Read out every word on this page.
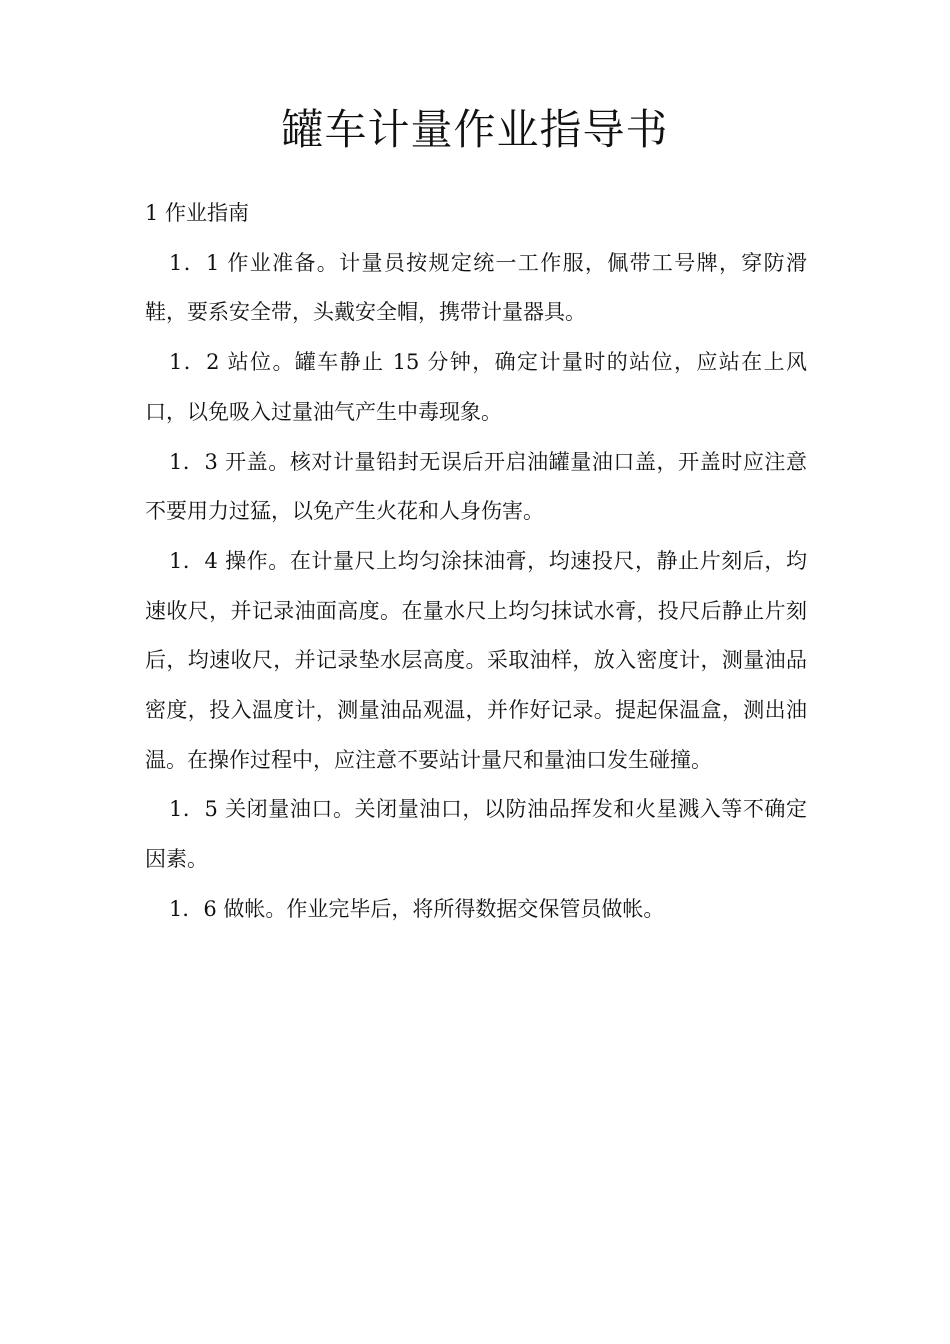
罐车计量作业指导书

1 作业指南

1．1 作业准备。计量员按规定统一工作服，佩带工号牌，穿防滑鞋，要系安全带，头戴安全帽，携带计量器具。

1．2 站位。罐车静止 15 分钟，确定计量时的站位，应站在上风口，以免吸入过量油气产生中毒现象。

1．3 开盖。核对计量铅封无误后开启油罐量油口盖，开盖时应注意不要用力过猛，以免产生火花和人身伤害。

1．4 操作。在计量尺上均匀涂抹油膏，均速投尺，静止片刻后，均速收尺，并记录油面高度。在量水尺上均匀抹试水膏，投尺后静止片刻后，均速收尺，并记录垫水层高度。采取油样，放入密度计，测量油品密度，投入温度计，测量油品观温，并作好记录。提起保温盒，测出油温。在操作过程中，应注意不要站计量尺和量油口发生碰撞。

1．5 关闭量油口。关闭量油口，以防油品挥发和火星溅入等不确定因素。

1．6 做帐。作业完毕后，将所得数据交保管员做帐。
